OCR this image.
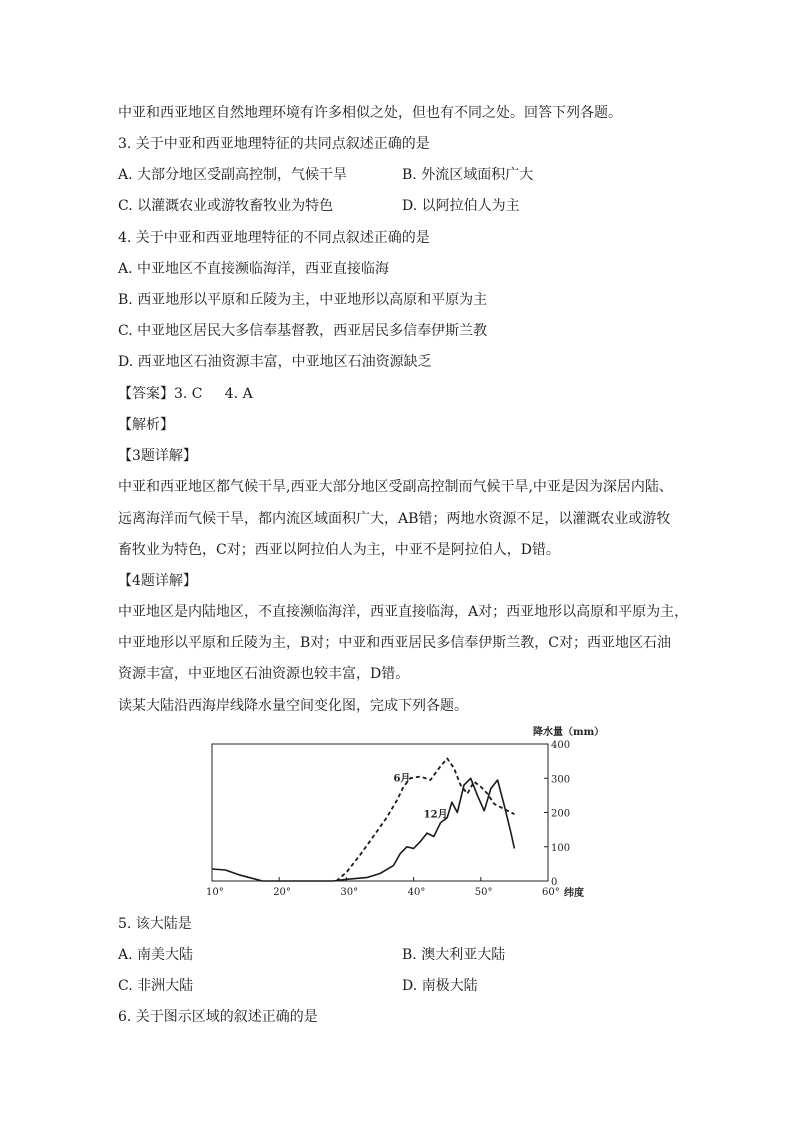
中亚和西亚地区自然地理环境有许多相似之处，但也有不同之处。回答下列各题。
3. 关于中亚和西亚地理特征的共同点叙述正确的是
A. 大部分地区受副高控制，气候干旱	B. 外流区域面积广大
C. 以灌溉农业或游牧畜牧业为特色	D. 以阿拉伯人为主
4. 关于中亚和西亚地理特征的不同点叙述正确的是
A. 中亚地区不直接濒临海洋，西亚直接临海
B. 西亚地形以平原和丘陵为主，中亚地形以高原和平原为主
C. 中亚地区居民大多信奉基督教，西亚居民多信奉伊斯兰教
D. 西亚地区石油资源丰富，中亚地区石油资源缺乏
【答案】3. C     4. A
【解析】
【3题详解】
中亚和西亚地区都气候干旱,西亚大部分地区受副高控制而气候干旱,中亚是因为深居内陆、
远离海洋而气候干旱，都内流区域面积广大，AB错；两地水资源不足，以灌溉农业或游牧
畜牧业为特色，C对；西亚以阿拉伯人为主，中亚不是阿拉伯人，D错。
【4题详解】
中亚地区是内陆地区，不直接濒临海洋，西亚直接临海，A对；西亚地形以高原和平原为主，
中亚地形以平原和丘陵为主，B对；中亚和西亚居民多信奉伊斯兰教，C对；西亚地区石油
资源丰富，中亚地区石油资源也较丰富，D错。
读某大陆沿西海岸线降水量空间变化图，完成下列各题。
0
100
200
300
400
10°	20°	30°	40°	50°	60°
6月
12月
降水量（mm）
纬度
5. 该大陆是
A. 南美大陆	B. 澳大利亚大陆
C. 非洲大陆	D. 南极大陆
6. 关于图示区域的叙述正确的是
